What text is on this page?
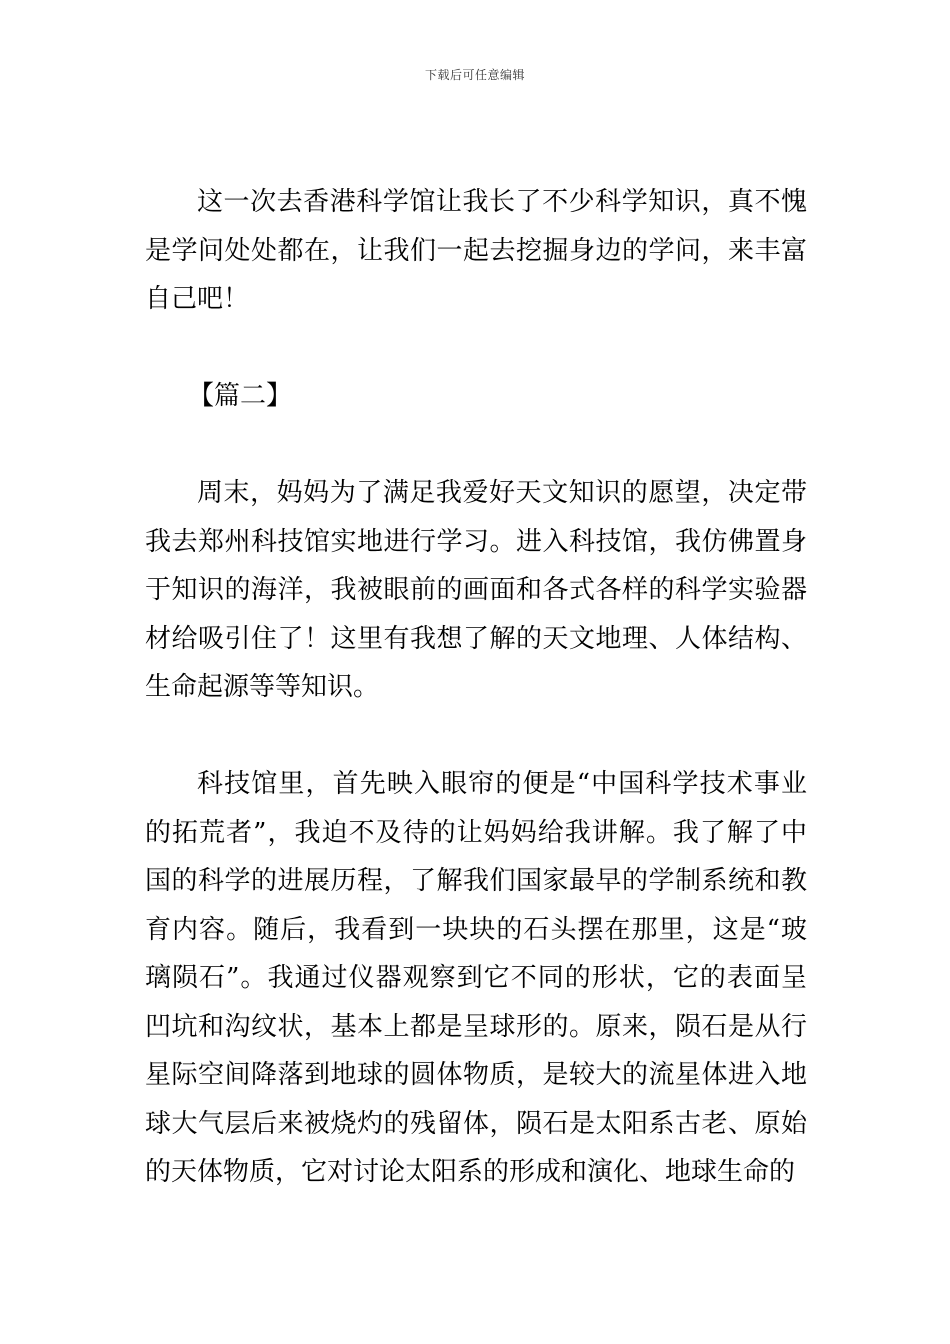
下载后可任意编辑

这一次去香港科学馆让我长了不少科学知识，真不愧是学问处处都在，让我们一起去挖掘身边的学问，来丰富自己吧！

【篇二】

周末，妈妈为了满足我爱好天文知识的愿望，决定带我去郑州科技馆实地进行学习。进入科技馆，我仿佛置身于知识的海洋，我被眼前的画面和各式各样的科学实验器材给吸引住了！这里有我想了解的天文地理、人体结构、生命起源等等知识。

科技馆里，首先映入眼帘的便是“中国科学技术事业的拓荒者”，我迫不及待的让妈妈给我讲解。我了解了中国的科学的进展历程，了解我们国家最早的学制系统和教育内容。随后，我看到一块块的石头摆在那里，这是“玻璃陨石”。我通过仪器观察到它不同的形状，它的表面呈凹坑和沟纹状，基本上都是呈球形的。原来，陨石是从行星际空间降落到地球的圆体物质，是较大的流星体进入地球大气层后来被烧灼的残留体，陨石是太阳系古老、原始的天体物质，它对讨论太阳系的形成和演化、地球生命的
